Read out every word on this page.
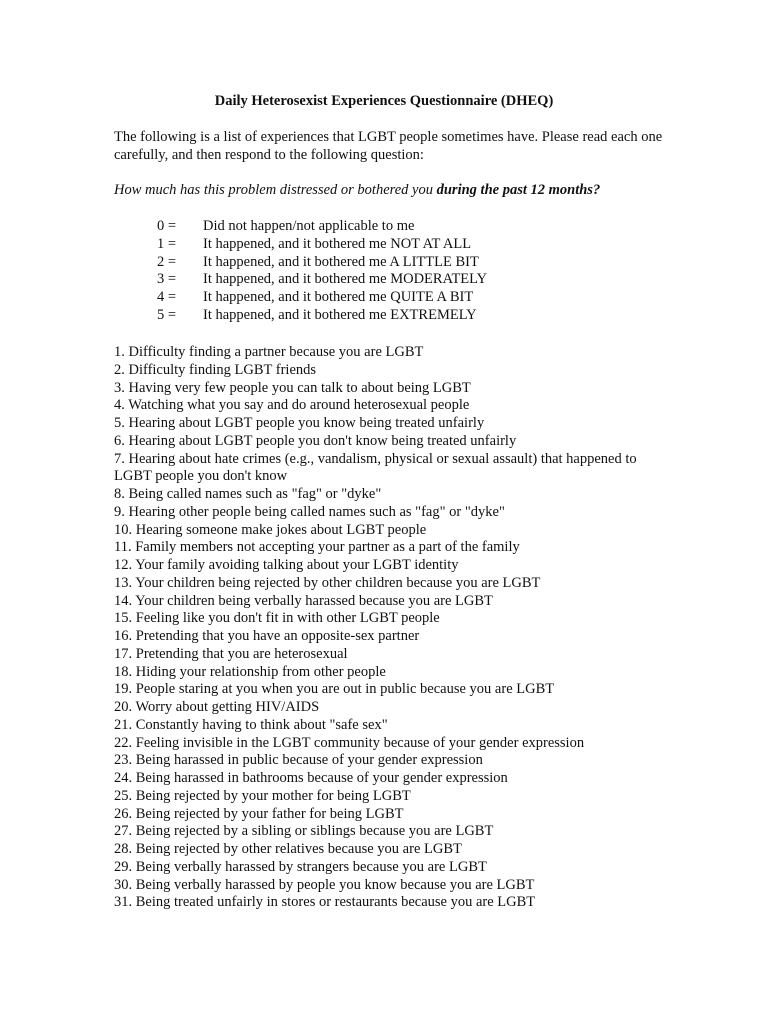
Daily Heterosexist Experiences Questionnaire (DHEQ)
The following is a list of experiences that LGBT people sometimes have. Please read each one carefully, and then respond to the following question:
How much has this problem distressed or bothered you during the past 12 months?
0 =	Did not happen/not applicable to me
1 =	It happened, and it bothered me NOT AT ALL
2 =	It happened, and it bothered me A LITTLE BIT
3 =	It happened, and it bothered me MODERATELY
4 =	It happened, and it bothered me QUITE A BIT
5 =	It happened, and it bothered me EXTREMELY
1. Difficulty finding a partner because you are LGBT
2. Difficulty finding LGBT friends
3. Having very few people you can talk to about being LGBT
4. Watching what you say and do around heterosexual people
5. Hearing about LGBT people you know being treated unfairly
6. Hearing about LGBT people you don't know being treated unfairly
7. Hearing about hate crimes (e.g., vandalism, physical or sexual assault) that happened to LGBT people you don't know
8. Being called names such as "fag" or "dyke"
9. Hearing other people being called names such as "fag" or "dyke"
10. Hearing someone make jokes about LGBT people
11. Family members not accepting your partner as a part of the family
12. Your family avoiding talking about your LGBT identity
13. Your children being rejected by other children because you are LGBT
14. Your children being verbally harassed because you are LGBT
15. Feeling like you don't fit in with other LGBT people
16. Pretending that you have an opposite-sex partner
17. Pretending that you are heterosexual
18. Hiding your relationship from other people
19. People staring at you when you are out in public because you are LGBT
20. Worry about getting HIV/AIDS
21. Constantly having to think about "safe sex"
22. Feeling invisible in the LGBT community because of your gender expression
23. Being harassed in public because of your gender expression
24. Being harassed in bathrooms because of your gender expression
25. Being rejected by your mother for being LGBT
26. Being rejected by your father for being LGBT
27. Being rejected by a sibling or siblings because you are LGBT
28. Being rejected by other relatives because you are LGBT
29. Being verbally harassed by strangers because you are LGBT
30. Being verbally harassed by people you know because you are LGBT
31. Being treated unfairly in stores or restaurants because you are LGBT
